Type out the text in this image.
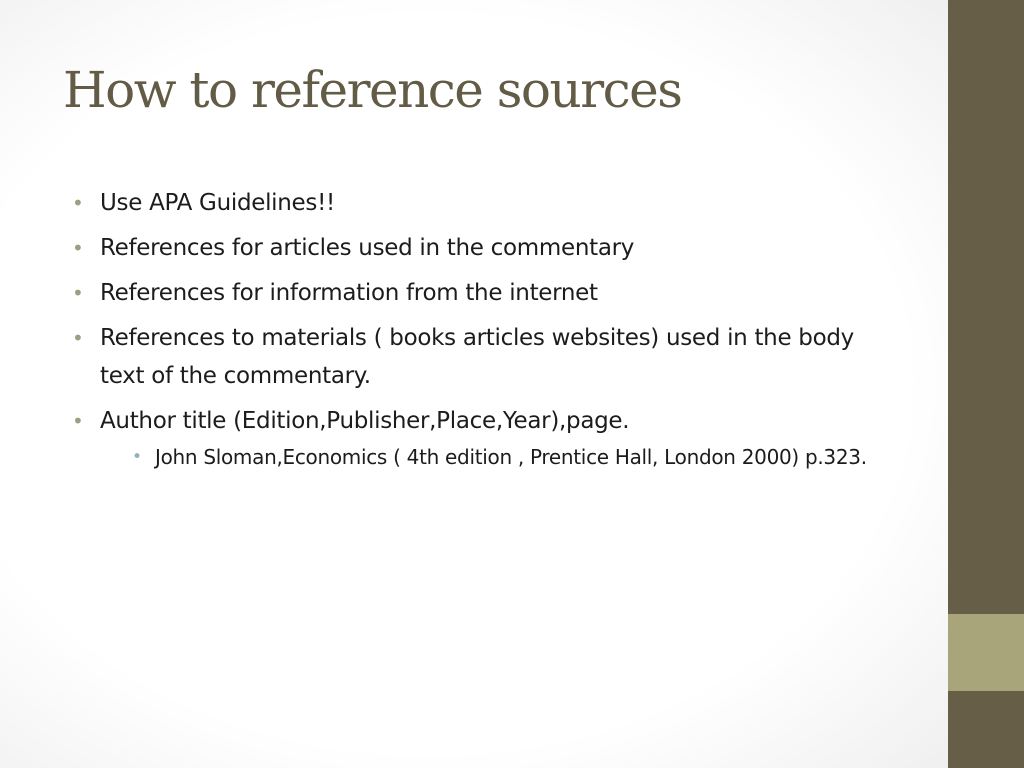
How to reference sources
• Use APA Guidelines!!
• References for articles used in the commentary
• References for information from the internet
• References to materials ( books articles websites) used in the body text of the commentary.
• Author title (Edition,Publisher,Place,Year),page.
• John Sloman,Economics ( 4th edition , Prentice Hall, London 2000) p.323.
